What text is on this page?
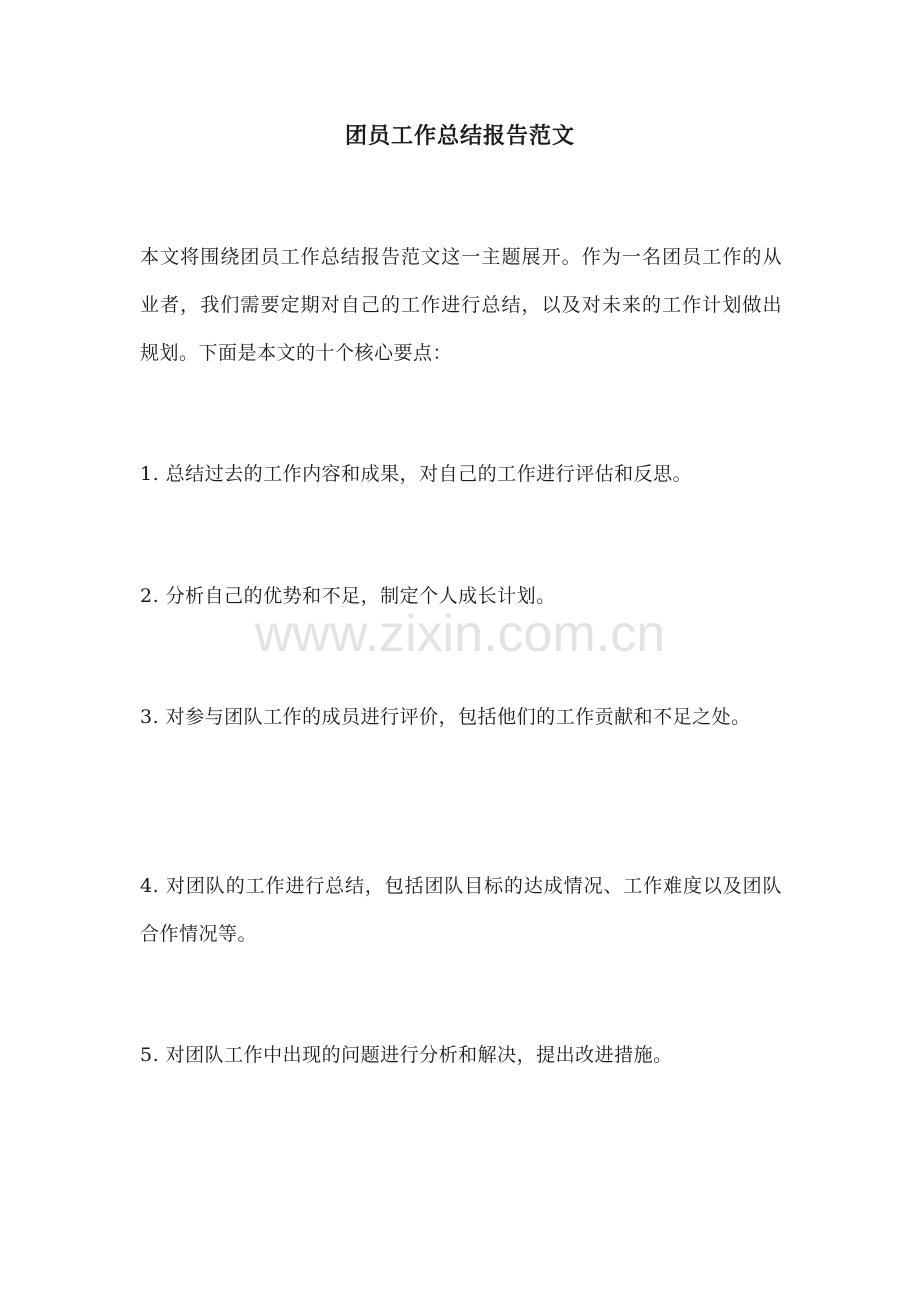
团员工作总结报告范文

本文将围绕团员工作总结报告范文这一主题展开。作为一名团员工作的从业者，我们需要定期对自己的工作进行总结，以及对未来的工作计划做出规划。下面是本文的十个核心要点：

1. 总结过去的工作内容和成果，对自己的工作进行评估和反思。

2. 分析自己的优势和不足，制定个人成长计划。

www.zixin.com.cn

3. 对参与团队工作的成员进行评价，包括他们的工作贡献和不足之处。

4. 对团队的工作进行总结，包括团队目标的达成情况、工作难度以及团队合作情况等。

5. 对团队工作中出现的问题进行分析和解决，提出改进措施。
